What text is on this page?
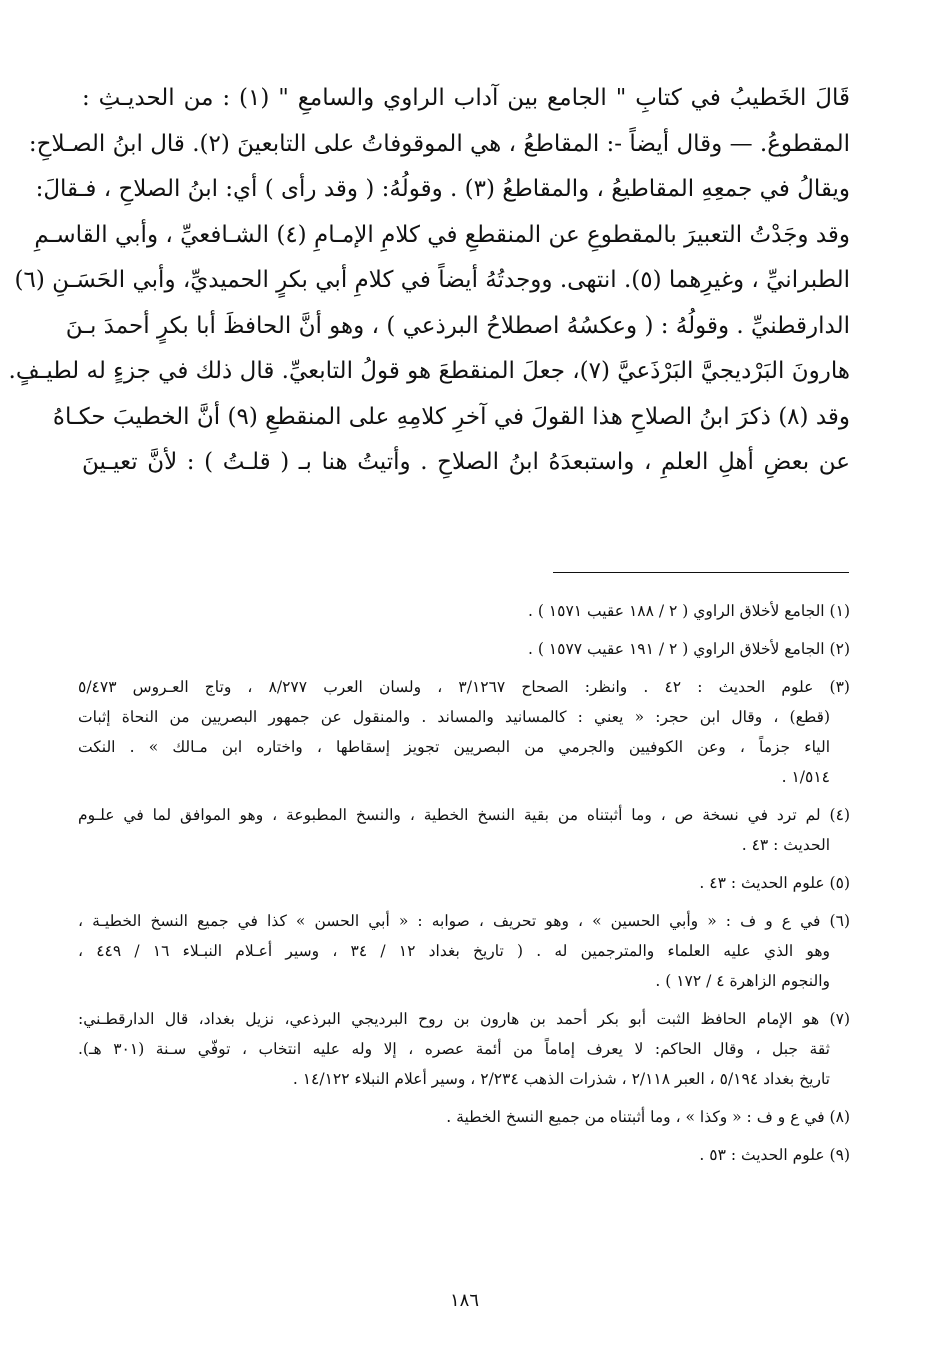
قَالَ الخَطيبُ في كتابِ " الجامع بين آداب الراوي والسامعِ " (١) : من الحديـثِ :
المقطوعُ. — وقال أيضاً -: المقاطعُ ، هي الموقوفاتُ على التابعينَ (٢). قال ابنُ الصـلاحِ:
ويقالُ في جمعِهِ المقاطيعُ ، والمقاطعُ (٣) . وقولُهُ: ( وقد رأى ) أي: ابنُ الصلاحِ ، فـقالَ:
وقد وجَدْتُ التعبيرَ بالمقطوعِ عن المنقطعِ في كلامِ الإمـامِ (٤) الشـافعيِّ ، وأبي القاسـمِ
الطبرانيِّ ، وغيرِهما (٥). انتهى. ووجدتُهُ أيضاً في كلامِ أبي بكرٍ الحميديِّ، وأبي الحَسَـنِ (٦)
الدارقطنيِّ . وقولُهُ : ( وعكسُهُ اصطلاحُ البرذعي ) ، وهو أنَّ الحافظَ أبا بكرٍ أحمدَ بـنَ
هارونَ البَرْديجيَّ البَرْذَعيَّ (٧)، جعلَ المنقطعَ هو قولُ التابعيِّ. قال ذلك في جزءٍ له لطيـفٍ.
وقد (٨) ذكرَ ابنُ الصلاحِ هذا القولَ في آخرِ كلامِهِ على المنقطعِ (٩) أنَّ الخطيبَ حكـاهُ
عن بعضِ أهلِ العلمِ ، واستبعدَهُ ابنُ الصلاحِ . وأتيتُ هنا بـ ( قلـتُ ) : لأنَّ تعيـينَ
(١) الجامع لأخلاق الراوي ( ٢ / ١٨٨ عقيب ١٥٧١ ) .
(٢) الجامع لأخلاق الراوي ( ٢ / ١٩١ عقيب ١٥٧٧ ) .
(٣) علوم الحديث : ٤٢ . وانظر: الصحاح ٣/١٢٦٧ ، ولسان العرب ٨/٢٧٧ ، وتاج العـروس ٥/٤٧٣
(قطع) ، وقال ابن حجر: « يعني : كالمسانيد والمساند . والمنقول عن جمهور البصريين من النحاة إثبات
الياء جزماً ، وعن الكوفيين والجرمي من البصريين تجويز إسقاطها ، واختاره ابن مـالك » . النكت
١/٥١٤ .
(٤) لم ترد في نسخة ص ، وما أثبتناه من بقية النسخ الخطية ، والنسخ المطبوعة ، وهو الموافق لما في علـوم
الحديث : ٤٣ .
(٥) علوم الحديث : ٤٣ .
(٦) في ع و ف : « وأبي الحسين » ، وهو تحريف ، صوابه : « أبي الحسن » كذا في جميع النسخ الخطيـة ،
وهو الذي عليه العلماء والمترجمين له . ( تاريخ بغداد ١٢ / ٣٤ ، وسير أعـلام النبـلاء ١٦ / ٤٤٩ ،
والنجوم الزاهرة ٤ / ١٧٢ ) .
(٧) هو الإمام الحافظ الثبت أبو بكر أحمد بن هارون بن روح البرديجي البرذعي، نزيل بغداد، قال الدارقطـني:
ثقة جبل ، وقال الحاكم: لا يعرف إماماً من أئمة عصره ، إلا وله عليه انتخاب ، توفّي سـنة (٣٠١ هـ).
تاريخ بغداد ٥/١٩٤ ، العبر ٢/١١٨ ، شذرات الذهب ٢/٢٣٤ ، وسير أعلام النبلاء ١٤/١٢٢ .
(٨) في ع و ف : « وكذا » ، وما أثبتناه من جميع النسخ الخطية .
(٩) علوم الحديث : ٥٣ .
١٨٦
